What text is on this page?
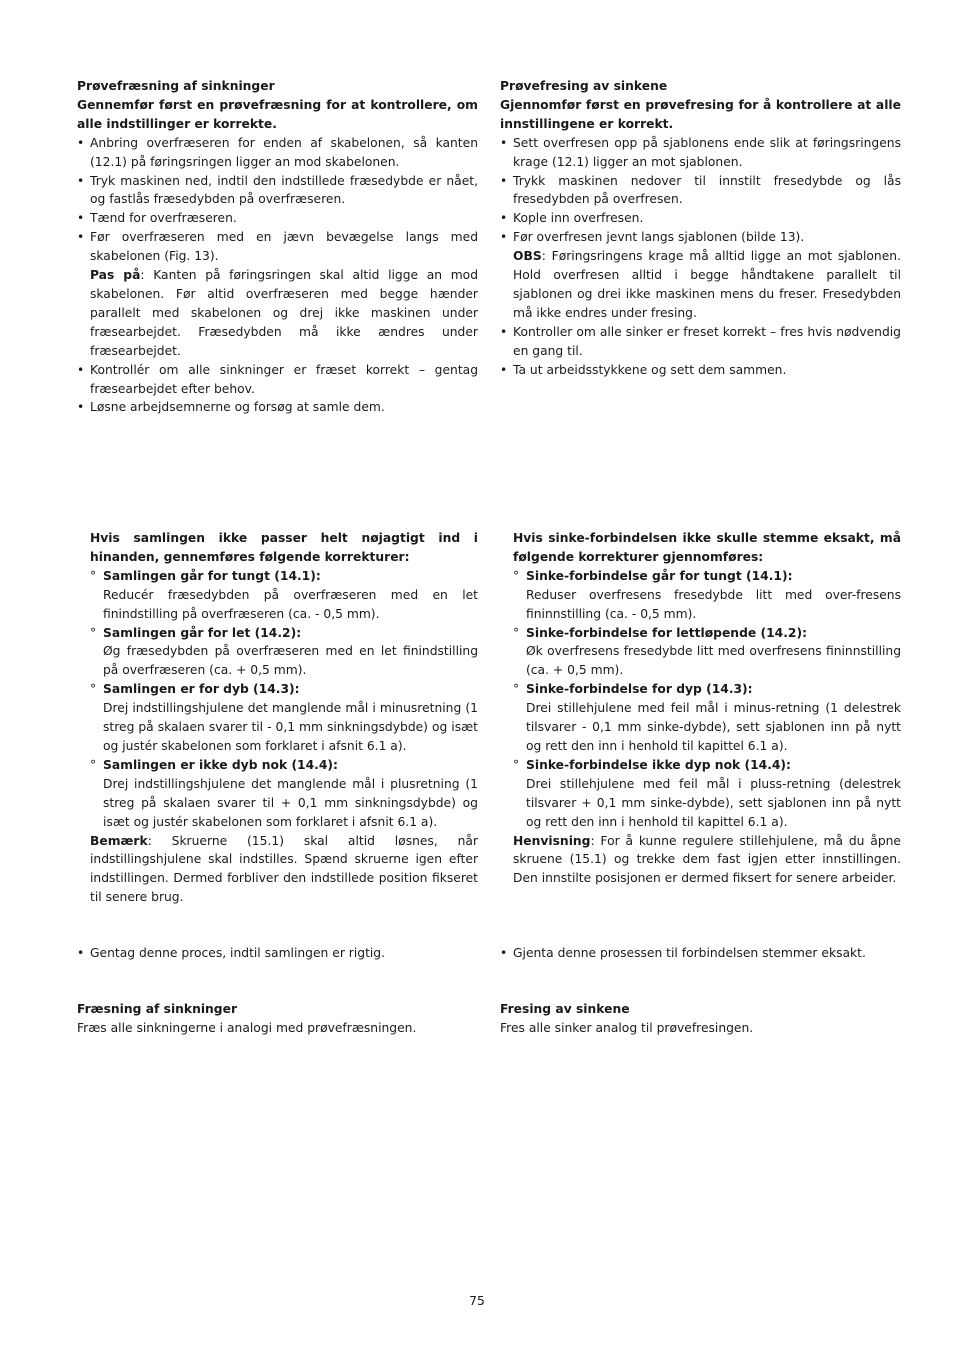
Prøvefræsning af sinkninger

Gennemfør først en prøvefræsning for at kontrollere, om alle indstillinger er korrekte.

• Anbring overfræseren for enden af skabelonen, så kanten (12.1) på føringsringen ligger an mod skabelonen.
• Tryk maskinen ned, indtil den indstillede fræsedybde er nået, og fastlås fræsedybden på overfræseren.
• Tænd for overfræseren.
• Før overfræseren med en jævn bevægelse langs med skabelonen (Fig. 13).
Pas på: Kanten på føringsringen skal altid ligge an mod skabelonen. Før altid overfræseren med begge hænder parallelt med skabelonen og drej ikke maskinen under fræsearbejdet. Fræsedybden må ikke ændres under fræsearbejdet.
• Kontrollér om alle sinkninger er fræset korrekt – gentag fræsearbejdet efter behov.
• Løsne arbejdsemnerne og forsøg at samle dem.

Hvis samlingen ikke passer helt nøjagtigt ind i hinanden, gennemføres følgende korrekturer:

° Samlingen går for tungt (14.1):
Reducér fræsedybden på overfræseren med en let finindstilling på overfræseren (ca. - 0,5 mm).
° Samlingen går for let (14.2):
Øg fræsedybden på overfræseren med en let finindstilling på overfræseren (ca. + 0,5 mm).
° Samlingen er for dyb (14.3):
Drej indstillingshjulene det manglende mål i minusretning (1 streg på skalaen svarer til - 0,1 mm sinkningsdybde) og isæt og justér skabelonen som forklaret i afsnit 6.1 a).
° Samlingen er ikke dyb nok (14.4):
Drej indstillingshjulene det manglende mål i plusretning (1 streg på skalaen svarer til + 0,1 mm sinkningsdybde) og isæt og justér skabelonen som forklaret i afsnit 6.1 a).

Bemærk: Skruerne (15.1) skal altid løsnes, når indstillingshjulene skal indstilles. Spænd skruerne igen efter indstillingen. Dermed forbliver den indstillede position fikseret til senere brug.

• Gentag denne proces, indtil samlingen er rigtig.

Fræsning af sinkninger

Fræs alle sinkningerne i analogi med prøvefræsningen.

Prøvefresing av sinkene

Gjennomfør først en prøvefresing for å kontrollere at alle innstillingene er korrekt.

• Sett overfresen opp på sjablonens ende slik at føringsringens krage (12.1) ligger an mot sjablonen.
• Trykk maskinen nedover til innstilt fresedybde og lås fresedybden på overfresen.
• Kople inn overfresen.
• Før overfresen jevnt langs sjablonen (bilde 13).
OBS: Føringsringens krage må alltid ligge an mot sjablonen. Hold overfresen alltid i begge håndtakene parallelt til sjablonen og drei ikke maskinen mens du freser. Fresedybden må ikke endres under fresing.
• Kontroller om alle sinker er freset korrekt – fres hvis nødvendig en gang til.
• Ta ut arbeidsstykkene og sett dem sammen.

Hvis sinke-forbindelsen ikke skulle stemme eksakt, må følgende korrekturer gjennomføres:

° Sinke-forbindelse går for tungt (14.1):
Reduser overfresens fresedybde litt med over-fresens fininnstilling (ca. - 0,5 mm).
° Sinke-forbindelse for lettløpende (14.2):
Øk overfresens fresedybde litt med overfresens fininnstilling (ca. + 0,5 mm).
° Sinke-forbindelse for dyp (14.3):
Drei stillehjulene med feil mål i minus-retning (1 delestrek tilsvarer - 0,1 mm sinke-dybde), sett sjablonen inn på nytt og rett den inn i henhold til kapittel 6.1 a).
° Sinke-forbindelse ikke dyp nok (14.4):
Drei stillehjulene med feil mål i pluss-retning (delestrek tilsvarer + 0,1 mm sinke-dybde), sett sjablonen inn på nytt og rett den inn i henhold til kapittel 6.1 a).

Henvisning: For å kunne regulere stillehjulene, må du åpne skruene (15.1) og trekke dem fast igjen etter innstillingen. Den innstilte posisjonen er dermed fiksert for senere arbeider.

• Gjenta denne prosessen til forbindelsen stemmer eksakt.

Fresing av sinkene

Fres alle sinker analog til prøvefresingen.

75
